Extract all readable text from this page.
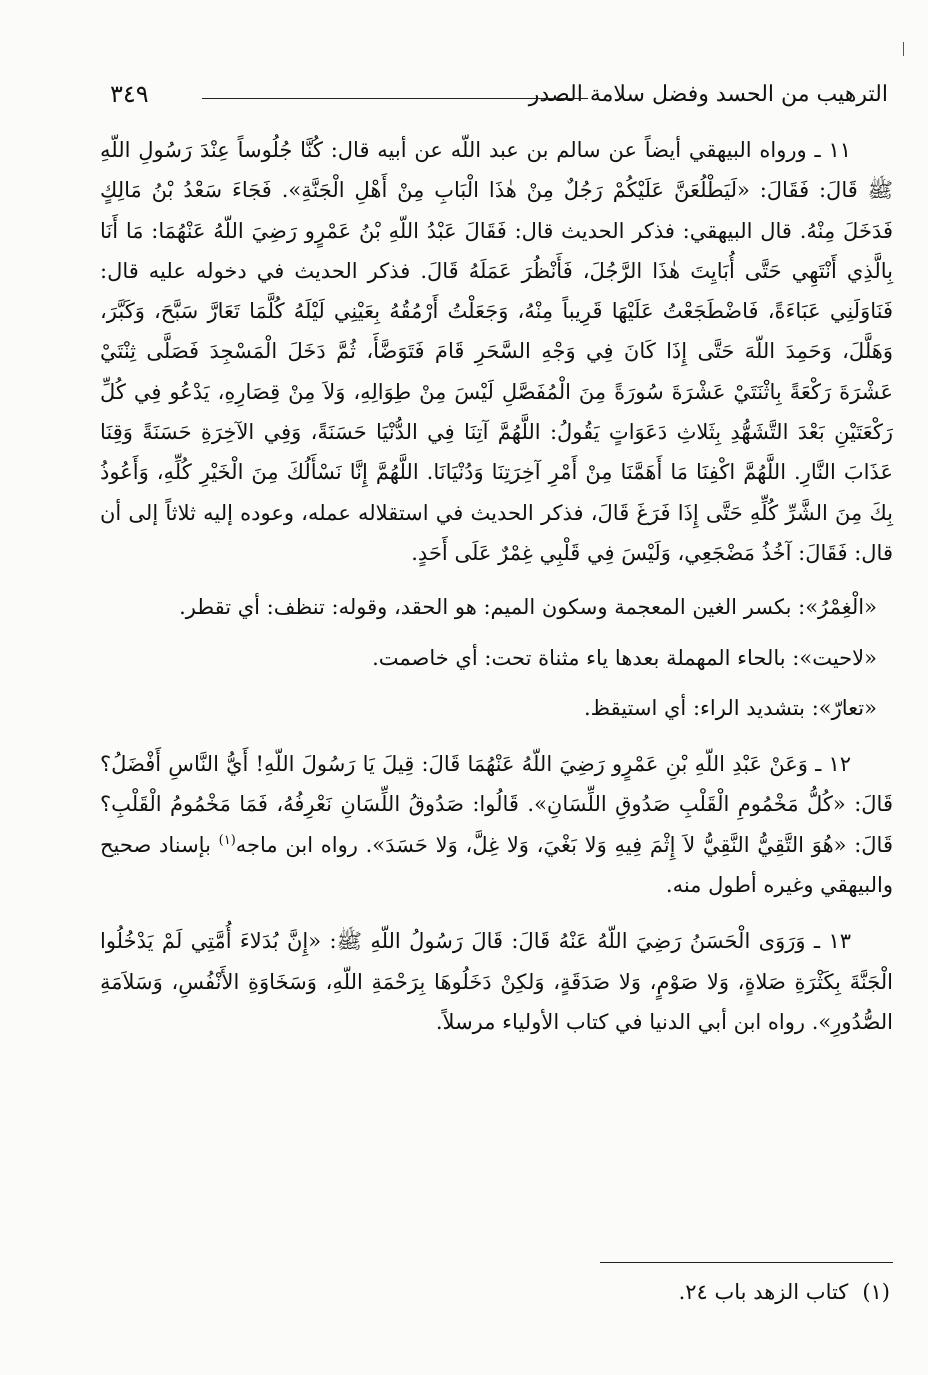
الترهيب من الحسد وفضل سلامة الصدر
٣٤٩

١١ ـ ورواه البيهقي أيضاً عن سالم بن عبد اللّه عن أبيه قال: كُنَّا جُلُوساً عِنْدَ رَسُولِ اللّهِ ﷺ قَالَ: فَقَالَ: «لَيَطْلُعَنَّ عَلَيْكُمْ رَجُلٌ مِنْ هٰذَا الْبَابِ مِنْ أَهْلِ الْجَنَّةِ». فَجَاءَ سَعْدُ بْنُ مَالِكٍ فَدَخَلَ مِنْهُ. قال البيهقي: فذكر الحديث قال: فَقَالَ عَبْدُ اللّهِ بْنُ عَمْرٍو رَضِيَ اللّهُ عَنْهُمَا: مَا أَنَا بِالَّذِي أَنْتَهِي حَتَّى أُبَايِتَ هٰذَا الرَّجُلَ، فَأَنْظُرَ عَمَلَهُ قَالَ. فذكر الحديث في دخوله عليه قال: فَنَاوَلَنِي عَبَاءَةً، فَاضْطَجَعْتُ عَلَيْهَا قَرِيباً مِنْهُ، وَجَعَلْتُ أَرْمُقُهُ بِعَيْنِي لَيْلَهُ كُلَّمَا تَعَارَّ سَبَّحَ، وَكَبَّرَ، وَهَلَّلَ، وَحَمِدَ اللّهَ حَتَّى إِذَا كَانَ فِي وَجْهِ السَّحَرِ قَامَ فَتَوَضَّأَ، ثُمَّ دَخَلَ الْمَسْجِدَ فَصَلَّى ثِنْتَيْ عَشْرَةَ رَكْعَةً بِاثْنَتَيْ عَشْرَةَ سُورَةً مِنَ الْمُفَصَّلِ لَيْسَ مِنْ طِوَالِهِ، وَلاَ مِنْ قِصَارِهِ، يَدْعُو فِي كُلِّ رَكْعَتَيْنِ بَعْدَ التَّشَهُّدِ بِثَلاثِ دَعَوَاتٍ يَقُولُ: اللَّهُمَّ آتِنَا فِي الدُّنْيَا حَسَنَةً، وَفِي الآخِرَةِ حَسَنَةً وَقِنَا عَذَابَ النَّارِ. اللَّهُمَّ اكْفِنَا مَا أَهَمَّنَا مِنْ أَمْرِ آخِرَتِنَا وَدُنْيَانَا. اللَّهُمَّ إِنَّا نَسْأَلُكَ مِنَ الْخَيْرِ كُلِّهِ، وَأَعُوذُ بِكَ مِنَ الشَّرِّ كُلِّهِ حَتَّى إِذَا فَرَغَ قَالَ، فذكر الحديث في استقلاله عمله، وعوده إليه ثلاثاً إلى أن قال: فَقَالَ: آخُذُ مَضْجَعِي، وَلَيْسَ فِي قَلْبِي غِمْرٌ عَلَى أَحَدٍ.

«الْغِمْرُ»: بكسر الغين المعجمة وسكون الميم: هو الحقد، وقوله: تنظف: أي تقطر.

«لاحيت»: بالحاء المهملة بعدها ياء مثناة تحت: أي خاصمت.

«تعارّ»: بتشديد الراء: أي استيقظ.

١٢ ـ وَعَنْ عَبْدِ اللّهِ بْنِ عَمْرٍو رَضِيَ اللّهُ عَنْهُمَا قَالَ: قِيلَ يَا رَسُولَ اللّهِ! أَيُّ النَّاسِ أَفْضَلُ؟ قَالَ: «كُلُّ مَخْمُومِ الْقَلْبِ صَدُوقِ اللِّسَانِ». قَالُوا: صَدُوقُ اللِّسَانِ نَعْرِفُهُ، فَمَا مَخْمُومُ الْقَلْبِ؟ قَالَ: «هُوَ التَّقِيُّ النَّقِيُّ لاَ إِثْمَ فِيهِ وَلا بَغْيَ، وَلا غِلَّ، وَلا حَسَدَ». رواه ابن ماجه$^{(١)}$ بإسناد صحيح والبيهقي وغيره أطول منه.

١٣ ـ وَرَوَى الْحَسَنُ رَضِيَ اللّهُ عَنْهُ قَالَ: قَالَ رَسُولُ اللّهِ ﷺ: «إِنَّ بُدَلاءَ أُمَّتِي لَمْ يَدْخُلُوا الْجَنَّةَ بِكَثْرَةِ صَلاةٍ، وَلا صَوْمٍ، وَلا صَدَقَةٍ، وَلكِنْ دَخَلُوهَا بِرَحْمَةِ اللّهِ، وَسَخَاوَةِ الأَنْفُسِ، وَسَلاَمَةِ الصُّدُورِ». رواه ابن أبي الدنيا في كتاب الأولياء مرسلاً.

(١)كتاب الزهد باب ٢٤.
